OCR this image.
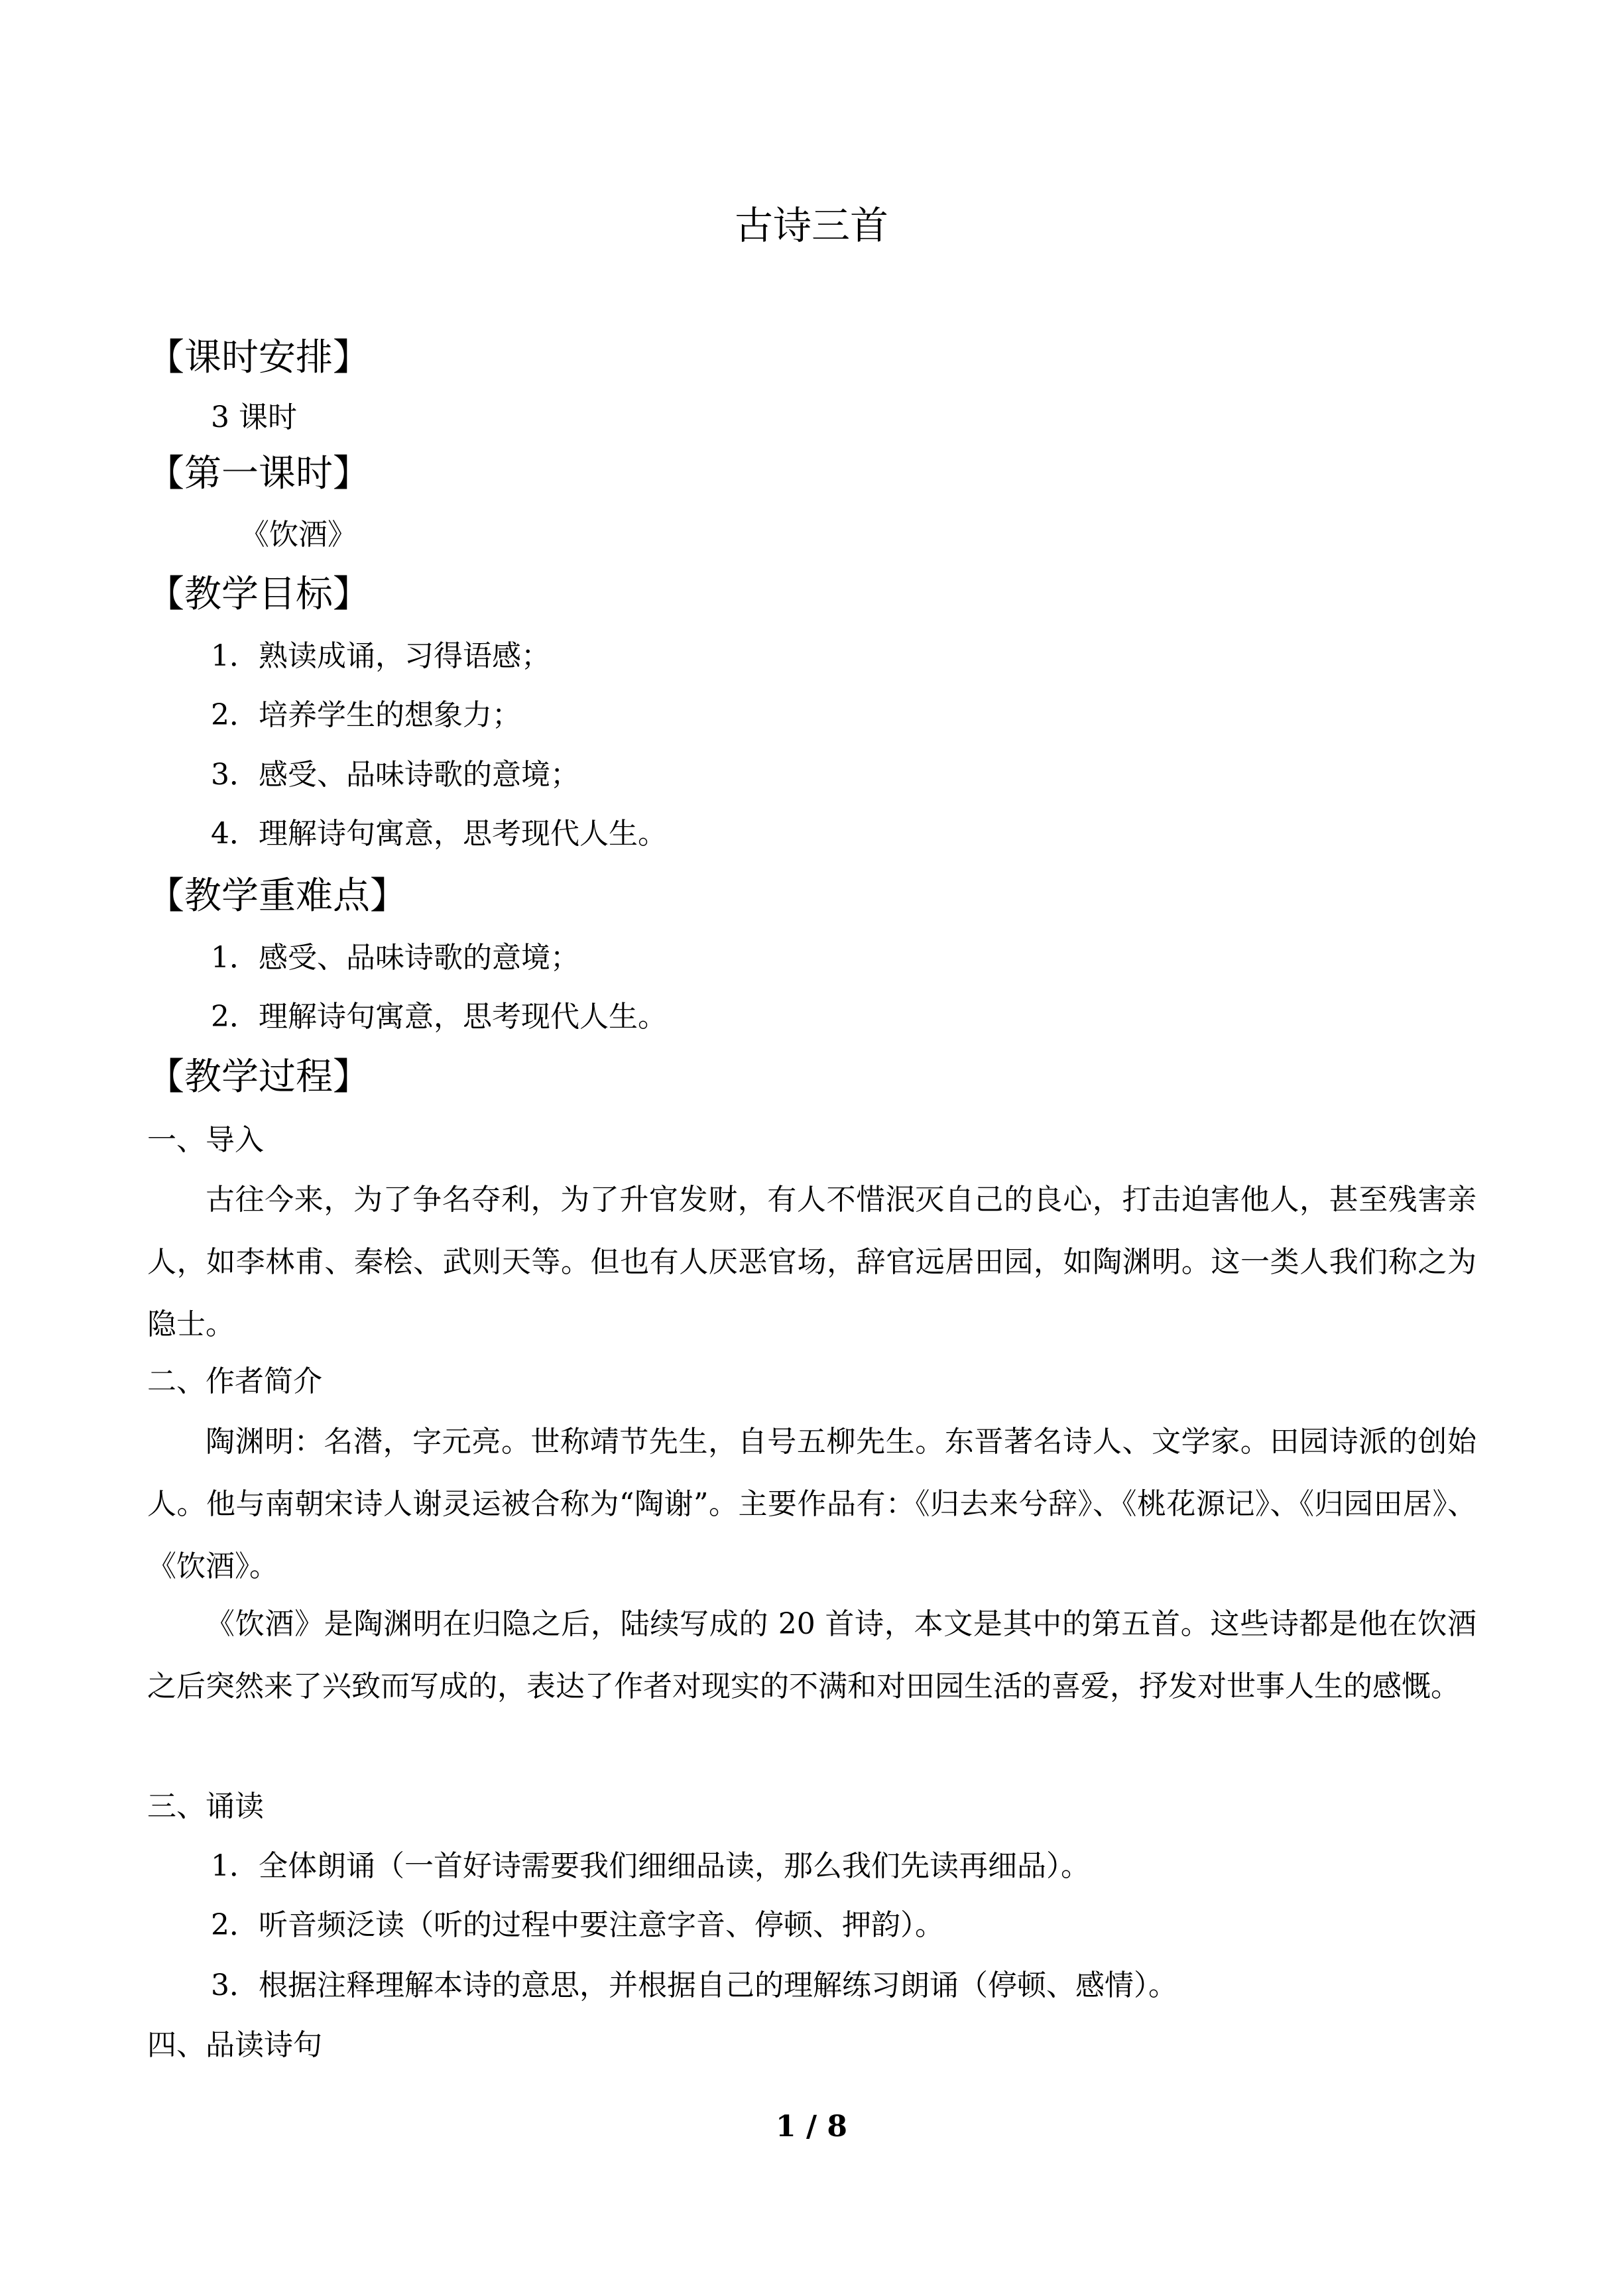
古诗三首
【课时安排】
3 课时
【第一课时】
《饮酒》
【教学目标】
1．熟读成诵，习得语感；
2．培养学生的想象力；
3．感受、品味诗歌的意境；
4．理解诗句寓意，思考现代人生。
【教学重难点】
1．感受、品味诗歌的意境；
2．理解诗句寓意，思考现代人生。
【教学过程】
一、导入
古往今来，为了争名夺利，为了升官发财，有人不惜泯灭自己的良心，打击迫害他人，甚至残害亲人，如李林甫、秦桧、武则天等。但也有人厌恶官场，辞官远居田园，如陶渊明。这一类人我们称之为隐士。
二、作者简介
陶渊明：名潜，字元亮。世称靖节先生，自号五柳先生。东晋著名诗人、文学家。田园诗派的创始人。他与南朝宋诗人谢灵运被合称为“陶谢”。主要作品有：《归去来兮辞》、《桃花源记》、《归园田居》、《饮酒》。
《饮酒》是陶渊明在归隐之后，陆续写成的 20 首诗，本文是其中的第五首。这些诗都是他在饮酒之后突然来了兴致而写成的，表达了作者对现实的不满和对田园生活的喜爱，抒发对世事人生的感慨。
三、诵读
1．全体朗诵（一首好诗需要我们细细品读，那么我们先读再细品）。
2．听音频泛读（听的过程中要注意字音、停顿、押韵）。
3．根据注释理解本诗的意思，并根据自己的理解练习朗诵（停顿、感情）。
四、品读诗句
1 / 8
